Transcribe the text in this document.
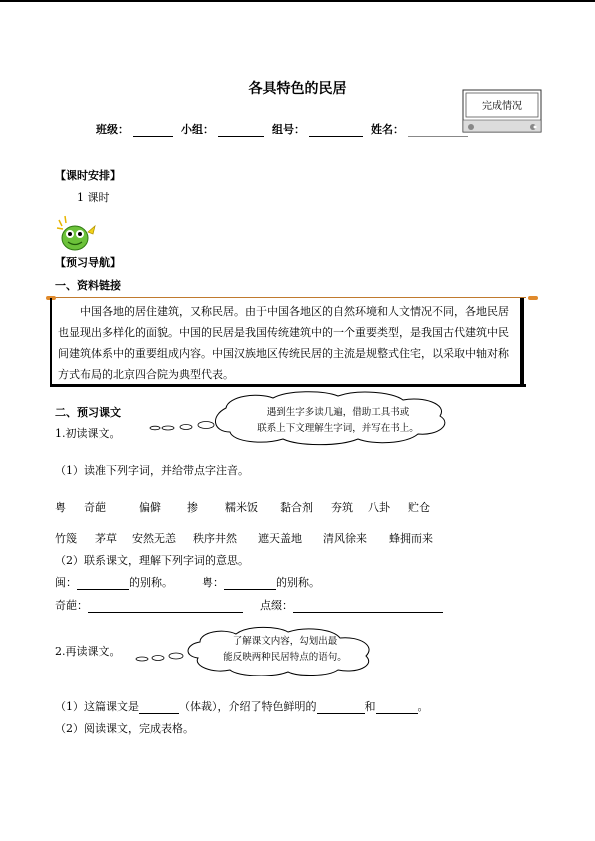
各具特色的民居
班级：	小组：	组号：	姓名：
完成情况
【课时安排】
1 课时
【预习导航】
一、资料链接
中国各地的居住建筑，又称民居。由于中国各地区的自然环境和人文情况不同，各地民居也显现出多样化的面貌。中国的民居是我国传统建筑中的一个重要类型，是我国古代建筑中民间建筑体系中的重要组成内容。中国汉族地区传统民居的主流是规整式住宅，以采取中轴对称方式布局的北京四合院为典型代表。
二、预习课文
1.初读课文。
遇到生字多读几遍，借助工具书或
联系上下文理解生字词，并写在书上。
（1）读准下列字词，并给带点字注音。
粤 奇葩	偏僻 掺 糯米饭 黏合剂 夯筑 八卦 贮仓
竹篾 茅草 安然无恙 秩序井然 遮天盖地 清风徐来 蜂拥而来
（2）联系课文，理解下列字词的意思。
闽：	的别称。	粤：	的别称。
奇葩：	点缀：
2.再读课文。
了解课文内容，勾划出最
能反映两种民居特点的语句。
（1）这篇课文是	（体裁），介绍了特色鲜明的	和	。
（2）阅读课文，完成表格。
